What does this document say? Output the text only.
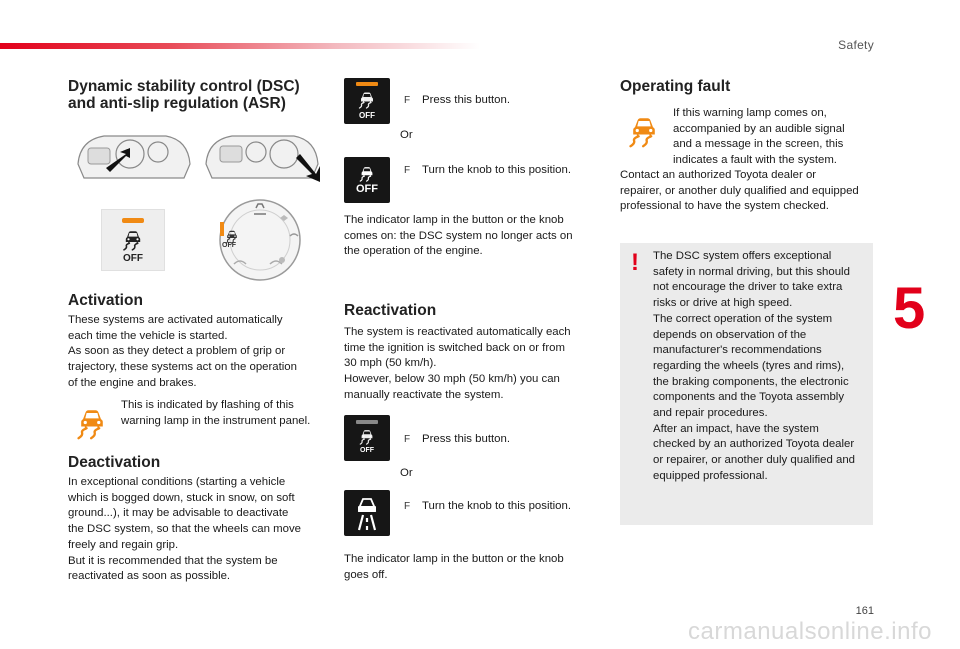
Safety
5
161
carmanualsonline.info
Dynamic stability control (DSC)
and anti-slip regulation (ASR)
OFF
OFF
Activation

These systems are activated automatically

each time the vehicle is started.

As soon as they detect a problem of grip or

trajectory, these systems act on the operation

of the engine and brakes.

This is indicated by flashing of this

warning lamp in the instrument panel.

Deactivation

In exceptional conditions (starting a vehicle

which is bogged down, stuck in snow, on soft

ground...), it may be advisable to deactivate

the DSC system, so that the wheels can move

freely and regain grip.

But it is recommended that the system be

reactivated as soon as possible.

OFF
F Press this button.
Or
OFF
F Turn the knob to this position.

The indicator lamp in the button or the knob

comes on: the DSC system no longer acts on

the operation of the engine.

Reactivation

The system is reactivated automatically each

time the ignition is switched back on or from

30 mph (50 km/h).

However, below 30 mph (50 km/h) you can

manually reactivate the system.

OFF
F Press this button.
Or
F Turn the knob to this position.

The indicator lamp in the button or the knob

goes off.

Operating fault

If this warning lamp comes on,

accompanied by an audible signal

and a message in the screen, this

indicates a fault with the system.

Contact an authorized Toyota dealer or

repairer, or another duly qualified and equipped

professional to have the system checked.

! The DSC system offers exceptional

safety in normal driving, but this should

not encourage the driver to take extra

risks or drive at high speed.

The correct operation of the system

depends on observation of the

manufacturer's recommendations

regarding the wheels (tyres and rims),

the braking components, the electronic

components and the Toyota assembly

and repair procedures.

After an impact, have the system

checked by an authorized Toyota dealer

or repairer, or another duly qualified and

equipped professional.
